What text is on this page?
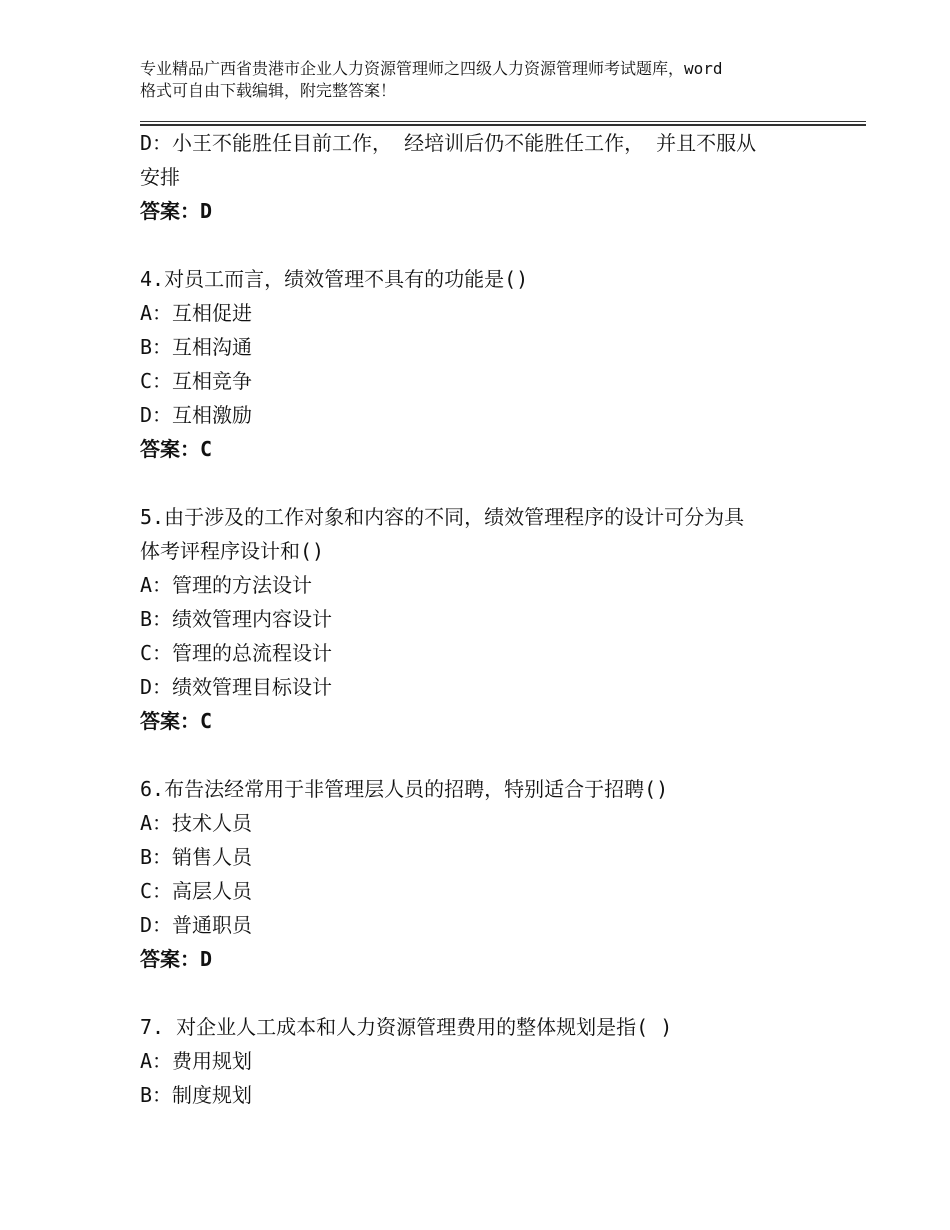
专业精品广西省贵港市企业人力资源管理师之四级人力资源管理师考试题库，word
格式可自由下载编辑，附完整答案！
D：小王不能胜任目前工作， 经培训后仍不能胜任工作， 并且不服从
安排
答案：D
4.对员工而言，绩效管理不具有的功能是()
A：互相促进
B：互相沟通
C：互相竞争
D：互相激励
答案：C
5.由于涉及的工作对象和内容的不同，绩效管理程序的设计可分为具
体考评程序设计和()
A：管理的方法设计
B：绩效管理内容设计
C：管理的总流程设计
D：绩效管理目标设计
答案：C
6.布告法经常用于非管理层人员的招聘，特别适合于招聘()
A：技术人员
B：销售人员
C：高层人员
D：普通职员
答案：D
7. 对企业人工成本和人力资源管理费用的整体规划是指( )
A：费用规划
B：制度规划
